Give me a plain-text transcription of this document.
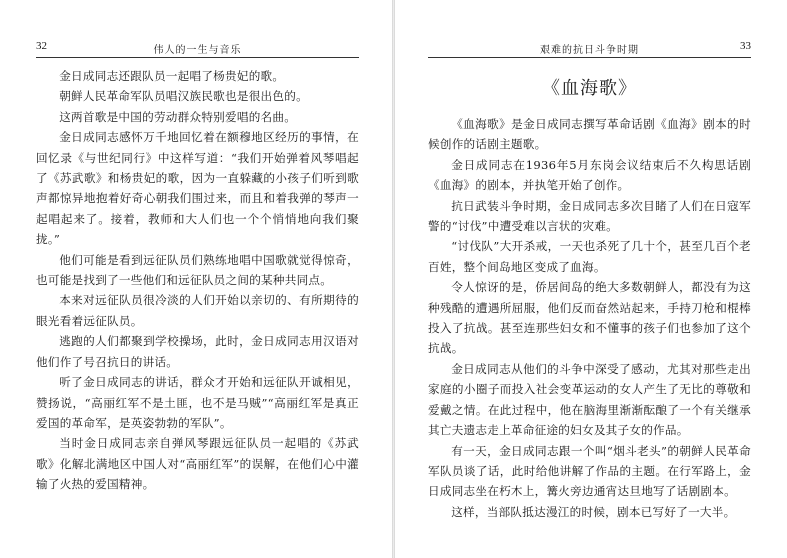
32	伟人的一生与音乐

金日成同志还跟队员一起唱了杨贵妃的歌。

朝鲜人民革命军队员唱汉族民歌也是很出色的。

这两首歌是中国的劳动群众特别爱唱的名曲。

金日成同志感怀万千地回忆着在额穆地区经历的事情，在回忆录《与世纪同行》中这样写道：“我们开始弹着风琴唱起了《苏武歌》和杨贵妃的歌，因为一直躲藏的小孩子们听到歌声都惊异地抱着好奇心朝我们围过来，而且和着我弹的琴声一起唱起来了。接着，教师和大人们也一个个悄悄地向我们聚拢。”

他们可能是看到远征队员们熟练地唱中国歌就觉得惊奇，也可能是找到了一些他们和远征队员之间的某种共同点。

本来对远征队员很冷淡的人们开始以亲切的、有所期待的眼光看着远征队员。

逃跑的人们都聚到学校操场，此时，金日成同志用汉语对他们作了号召抗日的讲话。

听了金日成同志的讲话，群众才开始和远征队开诚相见，赞扬说，“高丽红军不是土匪，也不是马贼”“高丽红军是真正爱国的革命军，是英姿勃勃的军队”。

当时金日成同志亲自弹风琴跟远征队员一起唱的《苏武歌》化解北满地区中国人对“高丽红军”的误解，在他们心中灌输了火热的爱国精神。

艰难的抗日斗争时期	33
《血海歌》

《血海歌》是金日成同志撰写革命话剧《血海》剧本的时候创作的话剧主题歌。

金日成同志在1936年5月东岗会议结束后不久构思话剧《血海》的剧本，并执笔开始了创作。

抗日武装斗争时期，金日成同志多次目睹了人们在日寇军警的“讨伐”中遭受难以言状的灾难。

“讨伐队”大开杀戒，一天也杀死了几十个，甚至几百个老百姓，整个间岛地区变成了血海。

令人惊讶的是，侨居间岛的绝大多数朝鲜人，都没有为这种残酷的遭遇所屈服，他们反而奋然站起来，手持刀枪和棍棒投入了抗战。甚至连那些妇女和不懂事的孩子们也参加了这个抗战。

金日成同志从他们的斗争中深受了感动，尤其对那些走出家庭的小圈子而投入社会变革运动的女人产生了无比的尊敬和爱戴之情。在此过程中，他在脑海里渐渐酝酿了一个有关继承其亡夫遗志走上革命征途的妇女及其子女的作品。

有一天，金日成同志跟一个叫“烟斗老头”的朝鲜人民革命军队员谈了话，此时给他讲解了作品的主题。在行军路上，金日成同志坐在朽木上，篝火旁边通宵达旦地写了话剧剧本。

这样，当部队抵达漫江的时候，剧本已写好了一大半。
